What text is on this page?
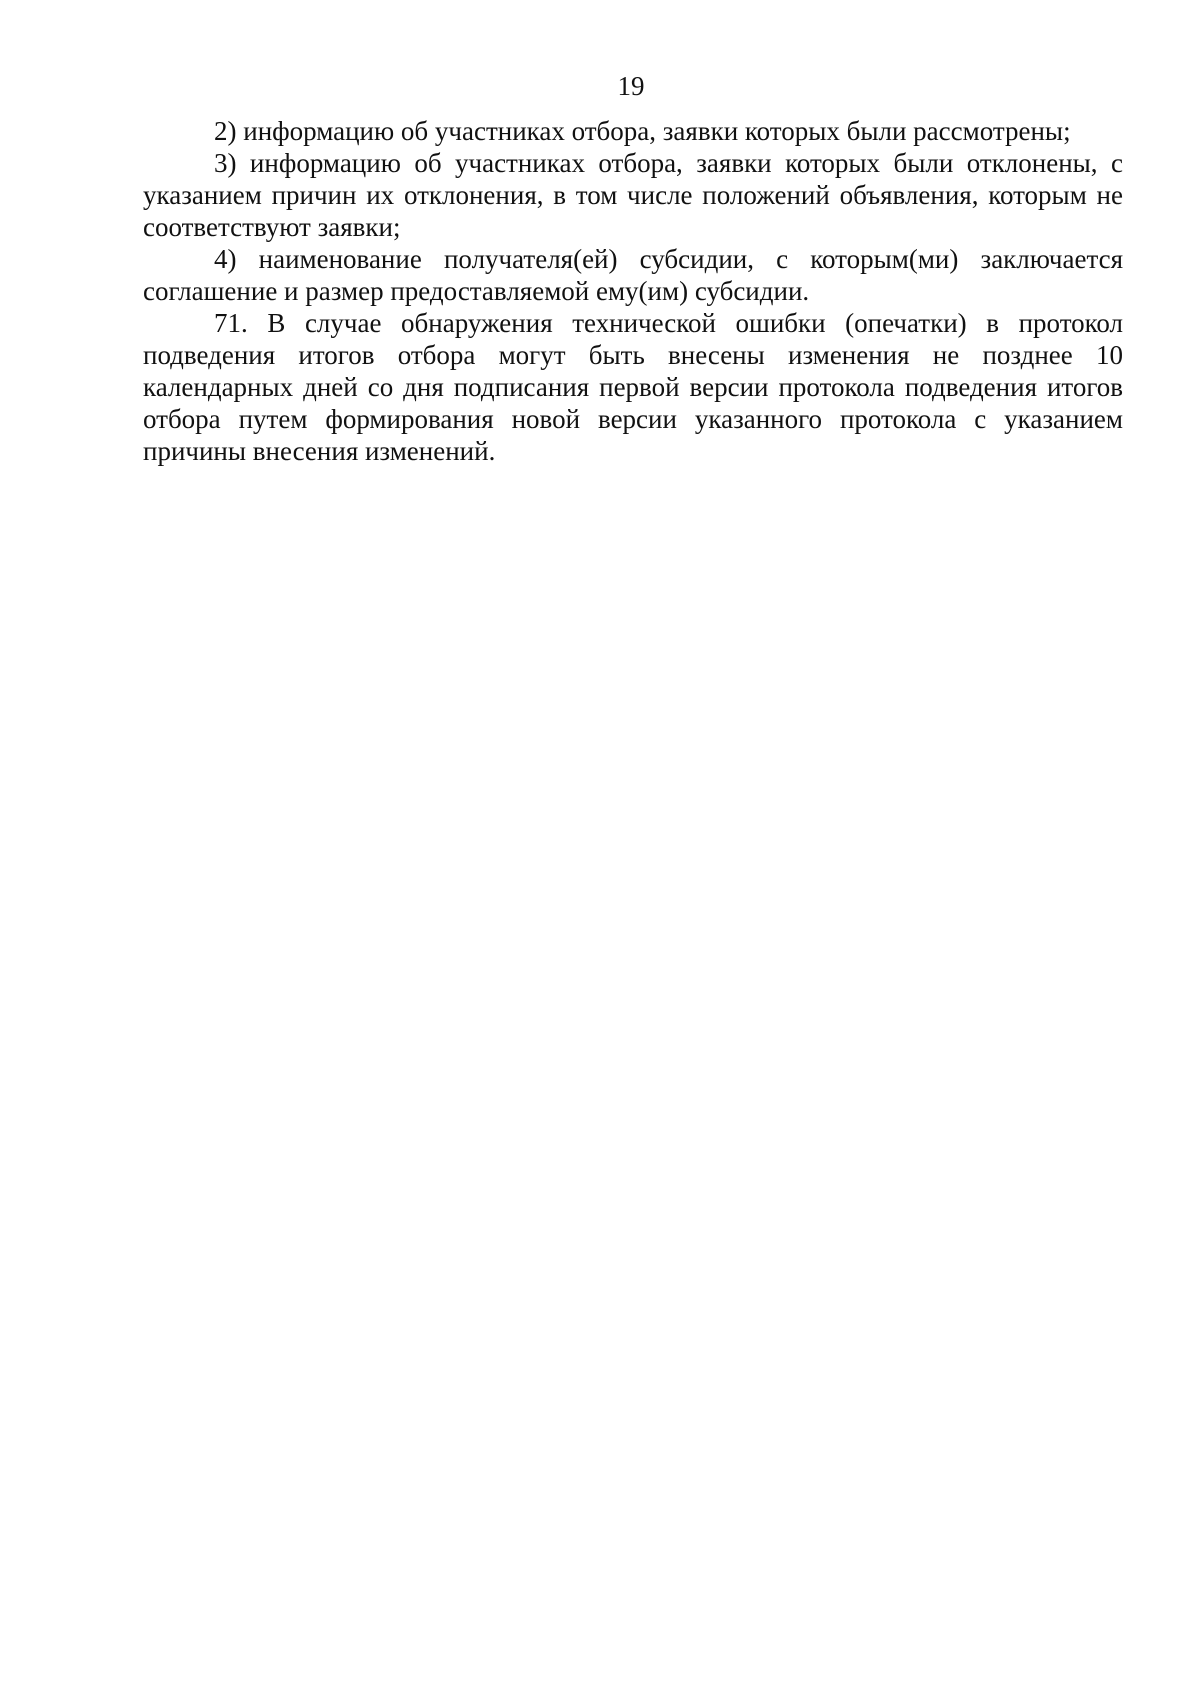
19

2) информацию об участниках отбора, заявки которых были рассмотрены;

3) информацию об участниках отбора, заявки которых были отклонены, с указанием причин их отклонения, в том числе положений объявления, которым не соответствуют заявки;

4) наименование получателя(ей) субсидии, с которым(ми) заключается соглашение и размер предоставляемой ему(им) субсидии.

71. В случае обнаружения технической ошибки (опечатки) в протокол подведения итогов отбора могут быть внесены изменения не позднее 10 календарных дней со дня подписания первой версии протокола подведения итогов отбора путем формирования новой версии указанного протокола с указанием причины внесения изменений.
